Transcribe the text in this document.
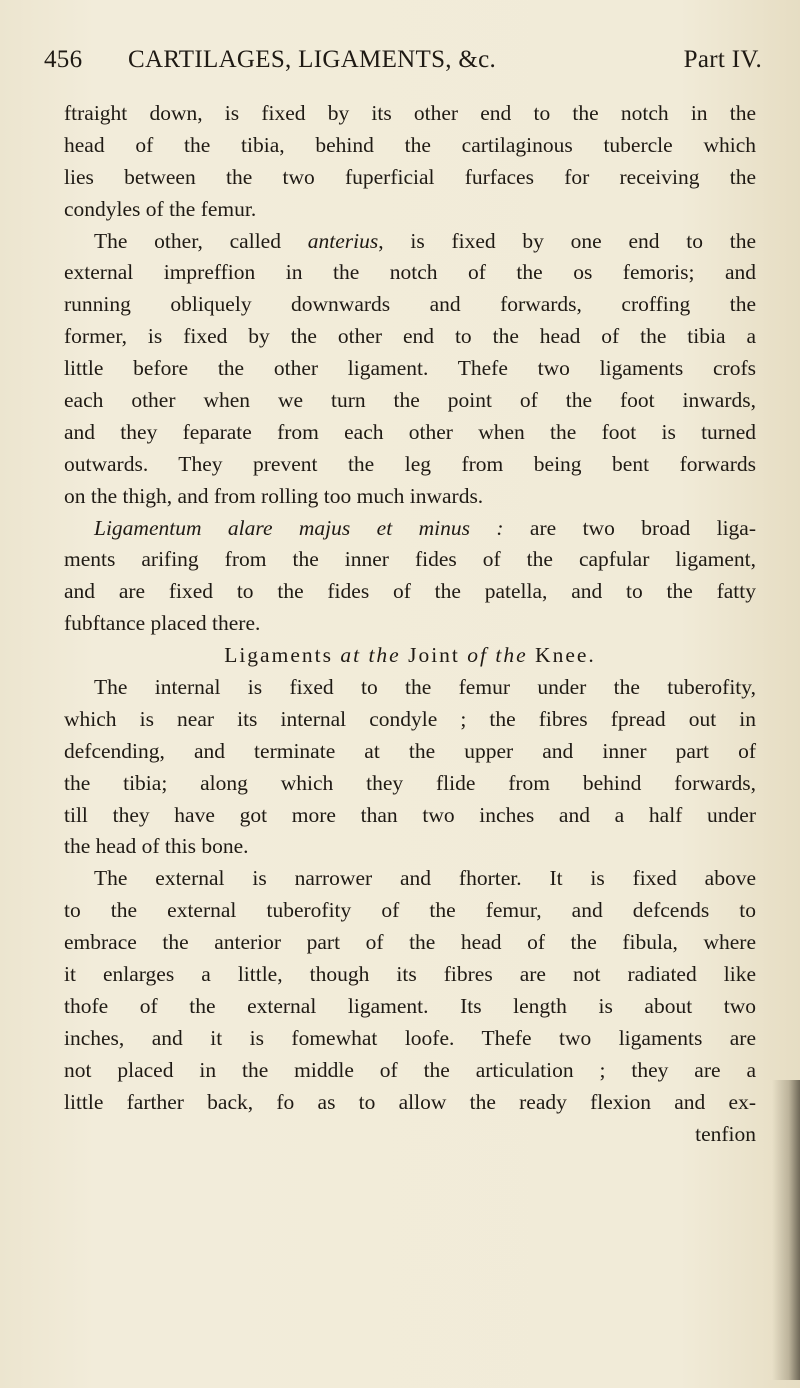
456 CARTILAGES, LIGAMENTS, &c.	Part IV.
ftraight down, is fixed by its other end to the notch in the
head of the tibia, behind the cartilaginous tubercle which
lies between the two fuperficial furfaces for receiving the
condyles of the femur.
The other, called anterius, is fixed by one end to the
external impreffion in the notch of the os femoris; and
running obliquely downwards and forwards, croffing the
former, is fixed by the other end to the head of the tibia a
little before the other ligament. Thefe two ligaments crofs
each other when we turn the point of the foot inwards,
and they feparate from each other when the foot is turned
outwards. They prevent the leg from being bent forwards
on the thigh, and from rolling too much inwards.
Ligamentum alare majus et minus : are two broad liga-
ments arifing from the inner fides of the capfular ligament,
and are fixed to the fides of the patella, and to the fatty
fubftance placed there.
Ligaments at the Joint of the Knee.
The internal is fixed to the femur under the tuberofity,
which is near its internal condyle ; the fibres fpread out in
defcending, and terminate at the upper and inner part of
the tibia; along which they flide from behind forwards,
till they have got more than two inches and a half under
the head of this bone.
The external is narrower and fhorter. It is fixed above
to the external tuberofity of the femur, and defcends to
embrace the anterior part of the head of the fibula, where
it enlarges a little, though its fibres are not radiated like
thofe of the external ligament. Its length is about two
inches, and it is fomewhat loofe. Thefe two ligaments are
not placed in the middle of the articulation ; they are a
little farther back, fo as to allow the ready flexion and ex-
tenfion
